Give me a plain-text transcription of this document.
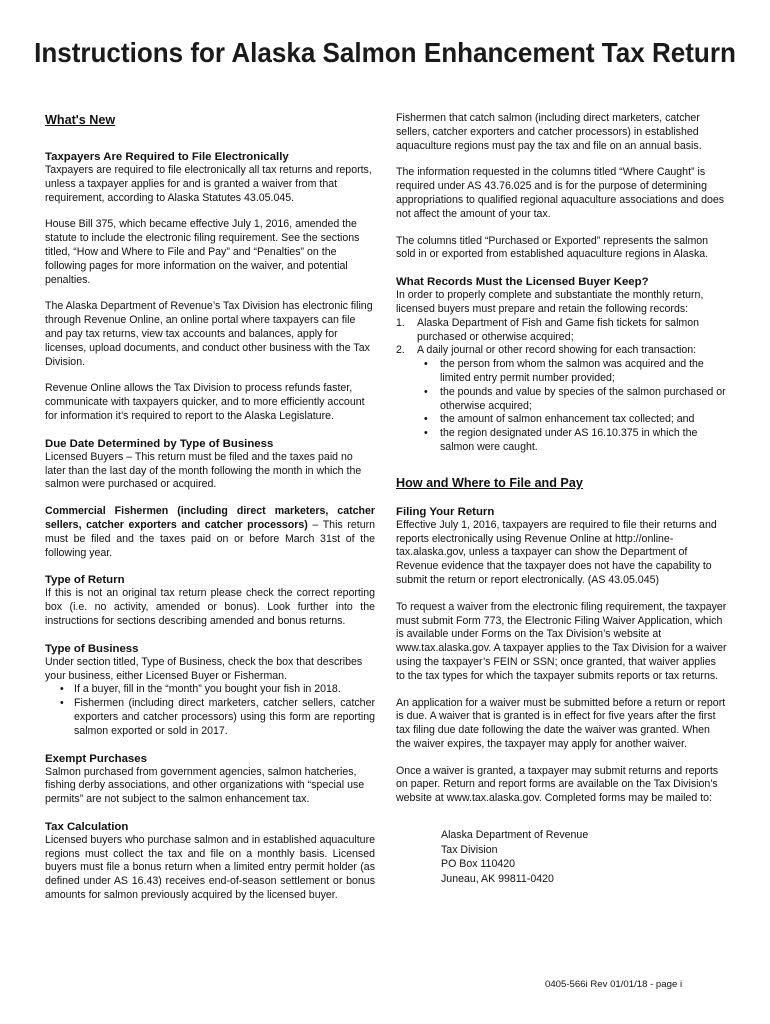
Instructions for Alaska Salmon Enhancement Tax Return
What's New
Taxpayers Are Required to File Electronically

Taxpayers are required to file electronically all tax returns and reports, unless a taxpayer applies for and is granted a waiver from that requirement, according to Alaska Statutes 43.05.045.

House Bill 375, which became effective July 1, 2016, amended the statute to include the electronic filing requirement. See the sections titled, “How and Where to File and Pay” and “Penalties” on the following pages for more information on the waiver, and potential penalties.

The Alaska Department of Revenue’s Tax Division has electronic filing through Revenue Online, an online portal where taxpayers can file and pay tax returns, view tax accounts and balances, apply for licenses, upload documents, and conduct other business with the Tax Division.

Revenue Online allows the Tax Division to process refunds faster, communicate with taxpayers quicker, and to more efficiently account for information it’s required to report to the Alaska Legislature.

Due Date Determined by Type of Business

Licensed Buyers – This return must be filed and the taxes paid no later than the last day of the month following the month in which the salmon were purchased or acquired.

Commercial Fishermen (including direct marketers, catcher sellers, catcher exporters and catcher processors) – This return must be filed and the taxes paid on or before March 31st of the following year.

Type of Return

If this is not an original tax return please check the correct reporting box (i.e. no activity, amended or bonus). Look further into the instructions for sections describing amended and bonus returns.

Type of Business

Under section titled, Type of Business, check the box that describes your business, either Licensed Buyer or Fisherman.

• If a buyer, fill in the “month” you bought your fish in 2018.
• Fishermen (including direct marketers, catcher sellers, catcher exporters and catcher processors) using this form are reporting salmon exported or sold in 2017.
Exempt Purchases

Salmon purchased from government agencies, salmon hatcheries, fishing derby associations, and other organizations with “special use permits” are not subject to the salmon enhancement tax.

Tax Calculation

Licensed buyers who purchase salmon and in established aquaculture regions must collect the tax and file on a monthly basis. Licensed buyers must file a bonus return when a limited entry permit holder (as defined under AS 16.43) receives end-of-season settlement or bonus amounts for salmon previously acquired by the licensed buyer.

Fishermen that catch salmon (including direct marketers, catcher sellers, catcher exporters and catcher processors) in established aquaculture regions must pay the tax and file on an annual basis.

The information requested in the columns titled “Where Caught” is required under AS 43.76.025 and is for the purpose of determining appropriations to qualified regional aquaculture associations and does not affect the amount of your tax.

The columns titled “Purchased or Exported” represents the salmon sold in or exported from established aquaculture regions in Alaska.

What Records Must the Licensed Buyer Keep?

In order to properly complete and substantiate the monthly return, licensed buyers must prepare and retain the following records:

1. Alaska Department of Fish and Game fish tickets for salmon purchased or otherwise acquired;
2. A daily journal or other record showing for each transaction:
• the person from whom the salmon was acquired and the limited entry permit number provided;
• the pounds and value by species of the salmon purchased or otherwise acquired;
• the amount of salmon enhancement tax collected; and
• the region designated under AS 16.10.375 in which the salmon were caught.
How and Where to File and Pay
Filing Your Return

Effective July 1, 2016, taxpayers are required to file their returns and reports electronically using Revenue Online at http://online-tax.alaska.gov, unless a taxpayer can show the Department of Revenue evidence that the taxpayer does not have the capability to submit the return or report electronically. (AS 43.05.045)

To request a waiver from the electronic filing requirement, the taxpayer must submit Form 773, the Electronic Filing Waiver Application, which is available under Forms on the Tax Division’s website at www.tax.alaska.gov. A taxpayer applies to the Tax Division for a waiver using the taxpayer’s FEIN or SSN; once granted, that waiver applies to the tax types for which the taxpayer submits reports or tax returns.

An application for a waiver must be submitted before a return or report is due. A waiver that is granted is in effect for five years after the first tax filing due date following the date the waiver was granted. When the waiver expires, the taxpayer may apply for another waiver.

Once a waiver is granted, a taxpayer may submit returns and reports on paper. Return and report forms are available on the Tax Division’s website at www.tax.alaska.gov. Completed forms may be mailed to:

Alaska Department of Revenue
Tax Division
PO Box 110420
Juneau, AK 99811-0420
0405-566i Rev 01/01/18 - page i
